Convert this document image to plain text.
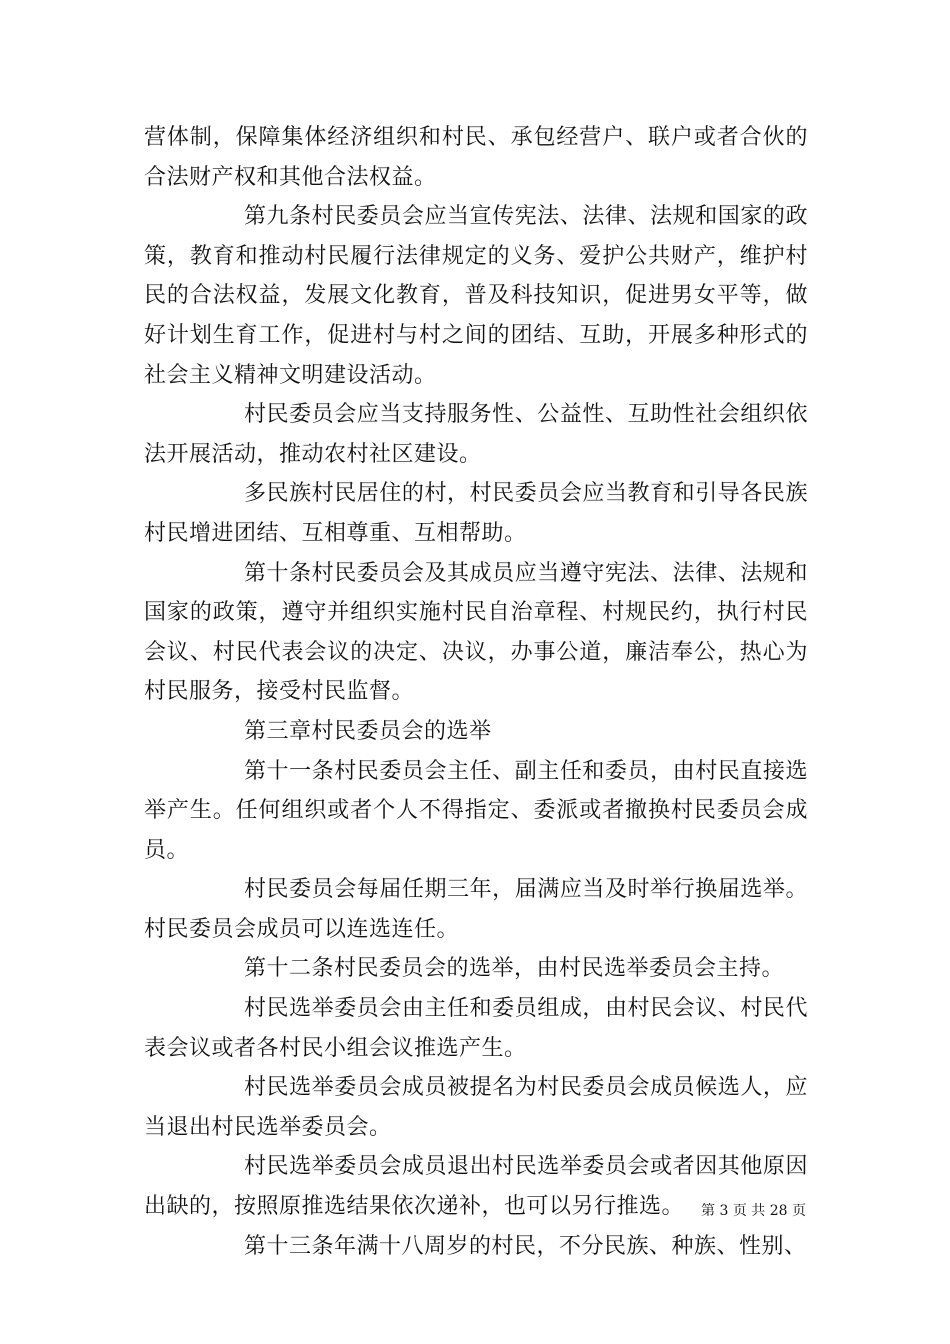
营体制，保障集体经济组织和村民、承包经营户、联户或者合伙的合法财产权和其他合法权益。

第九条村民委员会应当宣传宪法、法律、法规和国家的政策，教育和推动村民履行法律规定的义务、爱护公共财产，维护村民的合法权益，发展文化教育，普及科技知识，促进男女平等，做好计划生育工作，促进村与村之间的团结、互助，开展多种形式的社会主义精神文明建设活动。

村民委员会应当支持服务性、公益性、互助性社会组织依法开展活动，推动农村社区建设。

多民族村民居住的村，村民委员会应当教育和引导各民族村民增进团结、互相尊重、互相帮助。

第十条村民委员会及其成员应当遵守宪法、法律、法规和国家的政策，遵守并组织实施村民自治章程、村规民约，执行村民会议、村民代表会议的决定、决议，办事公道，廉洁奉公，热心为村民服务，接受村民监督。

第三章村民委员会的选举

第十一条村民委员会主任、副主任和委员，由村民直接选举产生。任何组织或者个人不得指定、委派或者撤换村民委员会成员。

村民委员会每届任期三年，届满应当及时举行换届选举。村民委员会成员可以连选连任。

第十二条村民委员会的选举，由村民选举委员会主持。

村民选举委员会由主任和委员组成，由村民会议、村民代表会议或者各村民小组会议推选产生。

村民选举委员会成员被提名为村民委员会成员候选人，应当退出村民选举委员会。

村民选举委员会成员退出村民选举委员会或者因其他原因出缺的，按照原推选结果依次递补，也可以另行推选。

第十三条年满十八周岁的村民，不分民族、种族、性别、

第 3 页 共 28 页
